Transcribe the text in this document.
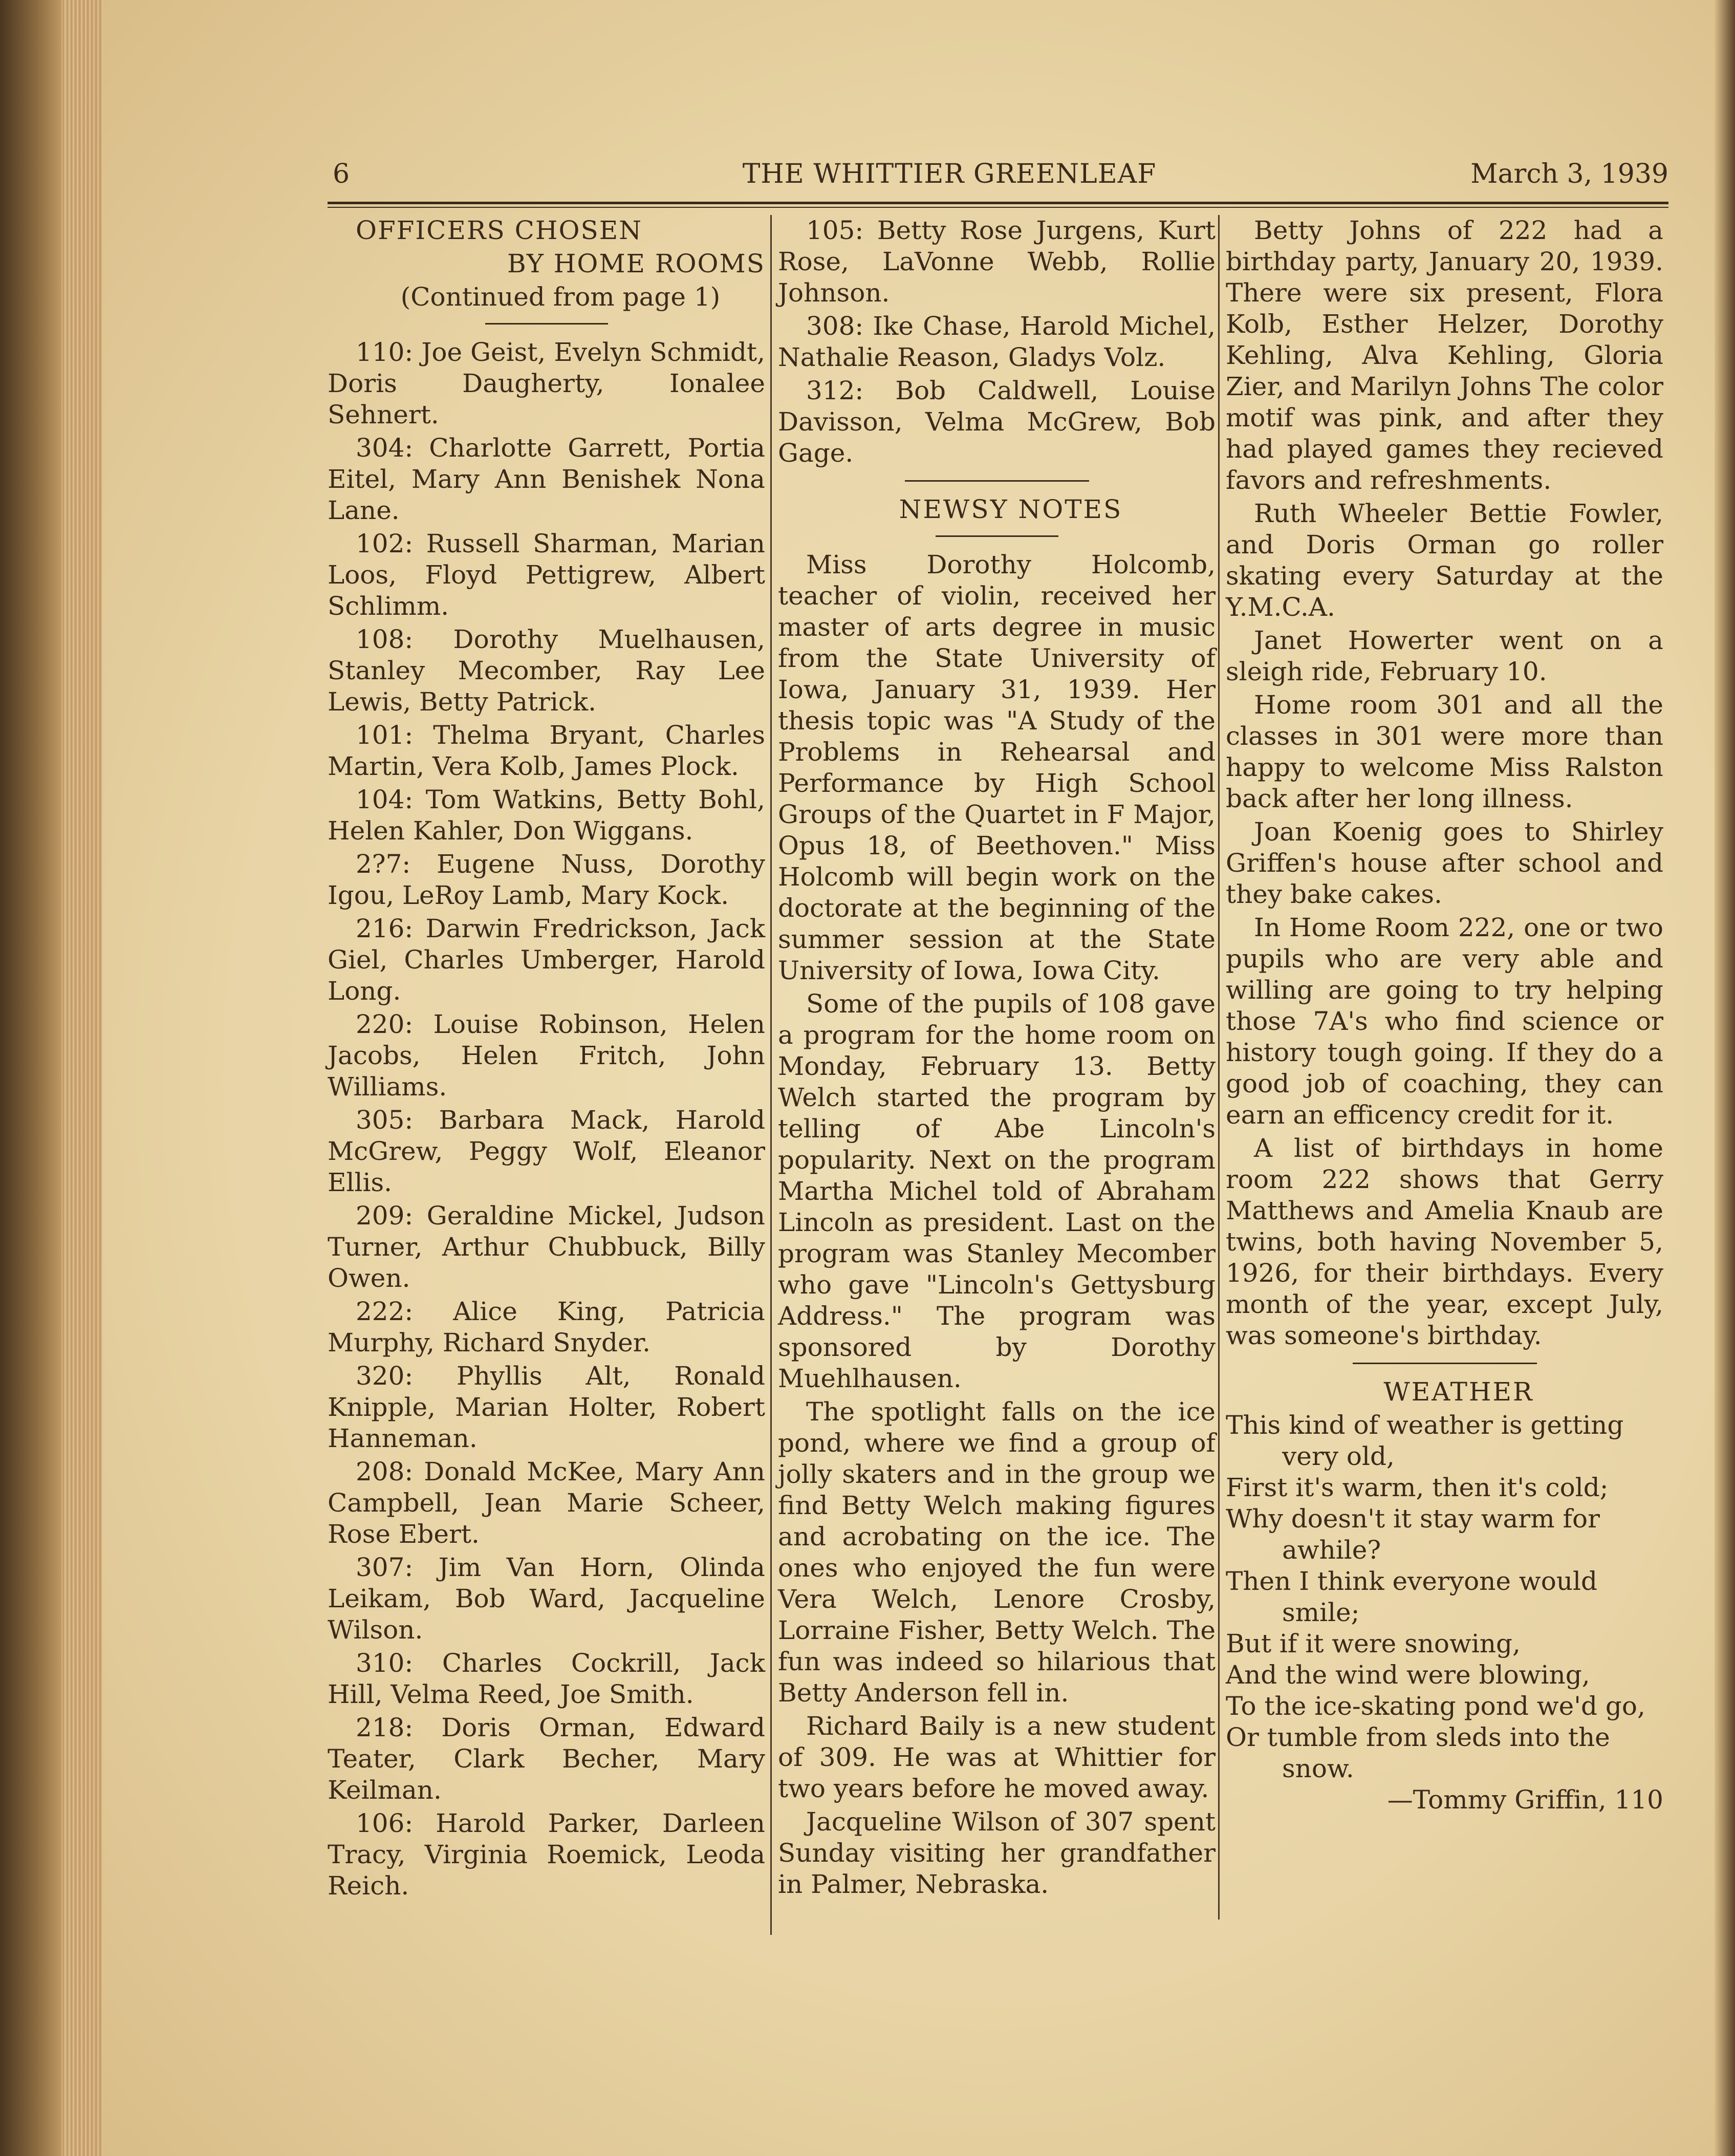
6	THE WHITTIER GREENLEAF	March 3, 1939

OFFICERS CHOSEN

BY HOME ROOMS

(Continued from page 1)

110: Joe Geist, Evelyn Schmidt, Doris Daugherty, Ionalee Sehnert.

304: Charlotte Garrett, Portia Eitel, Mary Ann Benishek Nona Lane.

102: Russell Sharman, Marian Loos, Floyd Pettigrew, Albert Schlimm.

108: Dorothy Muelhausen, Stanley Mecomber, Ray Lee Lewis, Betty Patrick.

101: Thelma Bryant, Charles Martin, Vera Kolb, James Plock.

104: Tom Watkins, Betty Bohl, Helen Kahler, Don Wiggans.

2?7: Eugene Nuss, Dorothy Igou, LeRoy Lamb, Mary Kock.

216: Darwin Fredrickson, Jack Giel, Charles Umberger, Harold Long.

220: Louise Robinson, Helen Jacobs, Helen Fritch, John Williams.

305: Barbara Mack, Harold McGrew, Peggy Wolf, Eleanor Ellis.

209: Geraldine Mickel, Judson Turner, Arthur Chubbuck, Billy Owen.

222: Alice King, Patricia Murphy, Richard Snyder.

320: Phyllis Alt, Ronald Knipple, Marian Holter, Robert Hanneman.

208: Donald McKee, Mary Ann Campbell, Jean Marie Scheer, Rose Ebert.

307: Jim Van Horn, Olinda Leikam, Bob Ward, Jacqueline Wilson.

310: Charles Cockrill, Jack Hill, Velma Reed, Joe Smith.

218: Doris Orman, Edward Teater, Clark Becher, Mary Keilman.

106: Harold Parker, Darleen Tracy, Virginia Roemick, Leoda Reich.

105: Betty Rose Jurgens, Kurt Rose, LaVonne Webb, Rollie Johnson.

308: Ike Chase, Harold Michel, Nathalie Reason, Gladys Volz.

312: Bob Caldwell, Louise Davisson, Velma McGrew, Bob Gage.

NEWSY NOTES

Miss Dorothy Holcomb, teacher of violin, received her master of arts degree in music from the State University of Iowa, January 31, 1939. Her thesis topic was "A Study of the Problems in Rehearsal and Performance by High School Groups of the Quartet in F Major, Opus 18, of Beethoven." Miss Holcomb will begin work on the doctorate at the beginning of the summer session at the State University of Iowa, Iowa City.

Some of the pupils of 108 gave a program for the home room on Monday, February 13. Betty Welch started the program by telling of Abe Lincoln's popularity. Next on the program Martha Michel told of Abraham Lincoln as president. Last on the program was Stanley Mecomber who gave "Lincoln's Gettysburg Address." The program was sponsored by Dorothy Muehlhausen.

The spotlight falls on the ice pond, where we find a group of jolly skaters and in the group we find Betty Welch making figures and acrobating on the ice. The ones who enjoyed the fun were Vera Welch, Lenore Crosby, Lorraine Fisher, Betty Welch. The fun was indeed so hilarious that Betty Anderson fell in.

Richard Baily is a new student of 309. He was at Whittier for two years before he moved away.

Jacqueline Wilson of 307 spent Sunday visiting her grandfather in Palmer, Nebraska.

Betty Johns of 222 had a birthday party, January 20, 1939. There were six present, Flora Kolb, Esther Helzer, Dorothy Kehling, Alva Kehling, Gloria Zier, and Marilyn Johns The color motif was pink, and after they had played games they recieved favors and refreshments.

Ruth Wheeler Bettie Fowler, and Doris Orman go roller skating every Saturday at the Y.M.C.A.

Janet Howerter went on a sleigh ride, February 10.

Home room 301 and all the classes in 301 were more than happy to welcome Miss Ralston back after her long illness.

Joan Koenig goes to Shirley Griffen's house after school and they bake cakes.

In Home Room 222, one or two pupils who are very able and willing are going to try helping those 7A's who find science or history tough going. If they do a good job of coaching, they can earn an efficency credit for it.

A list of birthdays in home room 222 shows that Gerry Matthews and Amelia Knaub are twins, both having November 5, 1926, for their birthdays. Every month of the year, except July, was someone's birthday.

WEATHER

This kind of weather is getting

very old,

First it's warm, then it's cold;

Why doesn't it stay warm for

awhile?

Then I think everyone would

smile;

But if it were snowing,

And the wind were blowing,

To the ice-skating pond we'd go,

Or tumble from sleds into the

snow.

—Tommy Griffin, 110
